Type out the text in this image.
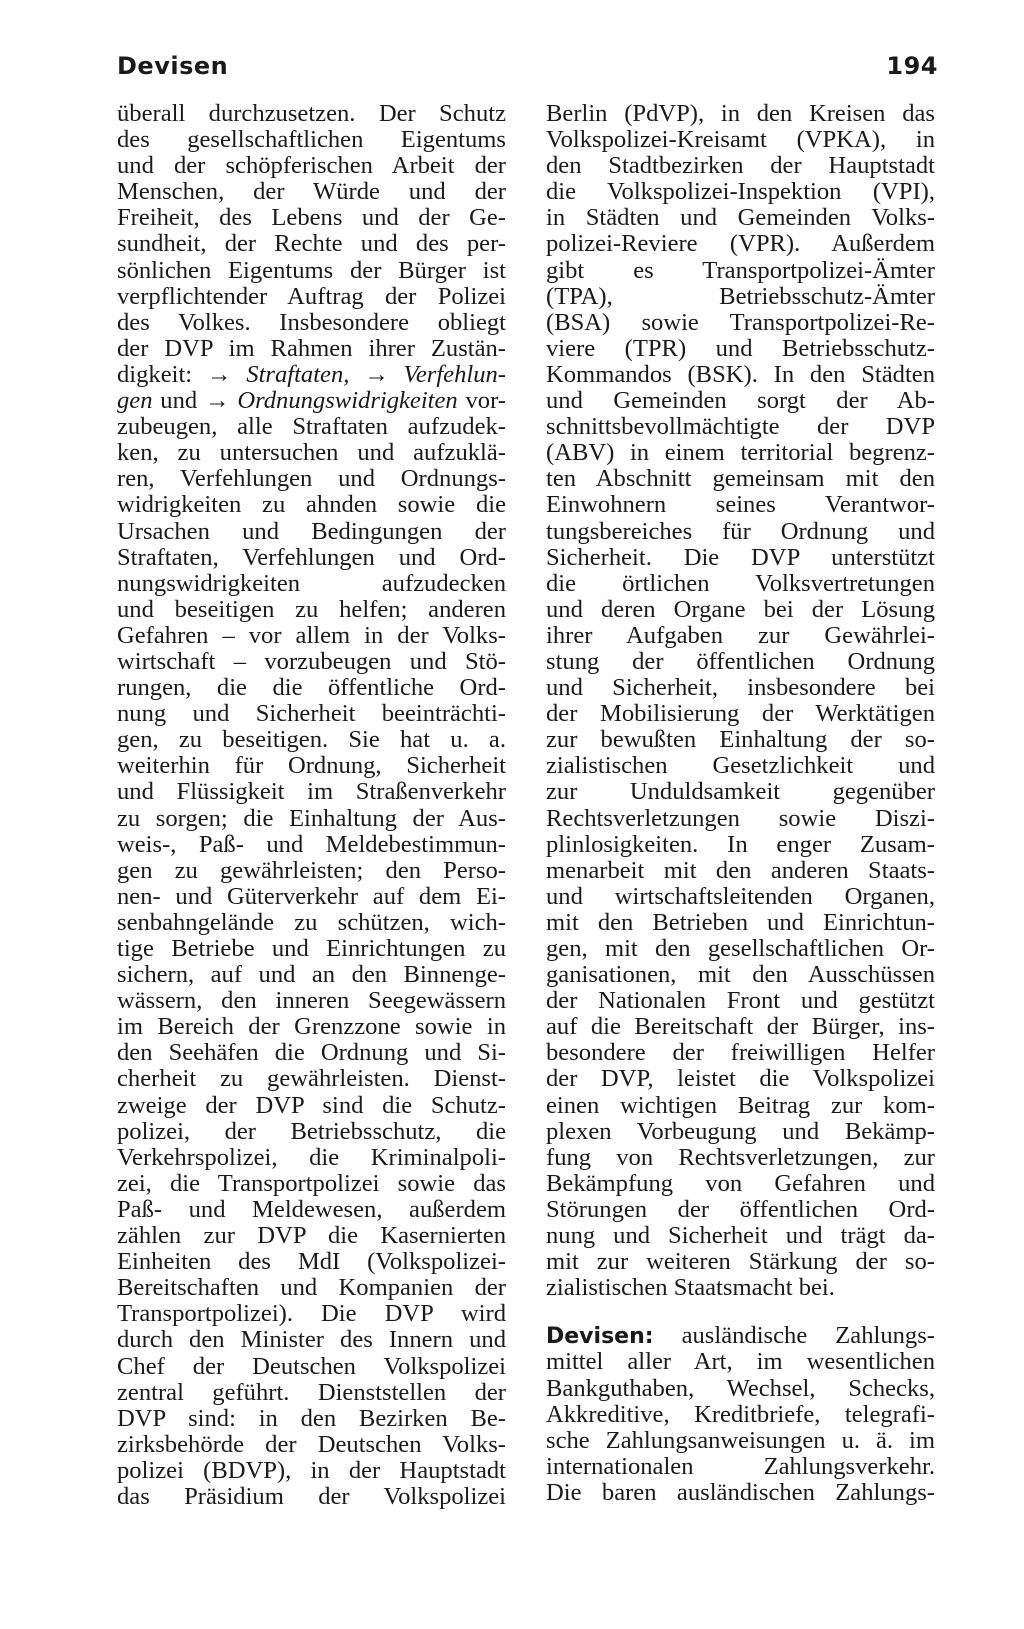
Devisen	194
überall durchzusetzen. Der Schutz
des gesellschaftlichen Eigentums
und der schöpferischen Arbeit der
Menschen, der Würde und der
Freiheit, des Lebens und der Ge-
sundheit, der Rechte und des per-
sönlichen Eigentums der Bürger ist
verpflichtender Auftrag der Polizei
des Volkes. Insbesondere obliegt
der DVP im Rahmen ihrer Zustän-
digkeit: → Straftaten, → Verfehlun-
gen und → Ordnungswidrigkeiten vor-
zubeugen, alle Straftaten aufzudek-
ken, zu untersuchen und aufzuklä-
ren, Verfehlungen und Ordnungs-
widrigkeiten zu ahnden sowie die
Ursachen und Bedingungen der
Straftaten, Verfehlungen und Ord-
nungswidrigkeiten aufzudecken
und beseitigen zu helfen; anderen
Gefahren – vor allem in der Volks-
wirtschaft – vorzubeugen und Stö-
rungen, die die öffentliche Ord-
nung und Sicherheit beeinträchti-
gen, zu beseitigen. Sie hat u. a.
weiterhin für Ordnung, Sicherheit
und Flüssigkeit im Straßenverkehr
zu sorgen; die Einhaltung der Aus-
weis-, Paß- und Meldebestimmun-
gen zu gewährleisten; den Perso-
nen- und Güterverkehr auf dem Ei-
senbahngelände zu schützen, wich-
tige Betriebe und Einrichtungen zu
sichern, auf und an den Binnenge-
wässern, den inneren Seegewässern
im Bereich der Grenzzone sowie in
den Seehäfen die Ordnung und Si-
cherheit zu gewährleisten. Dienst-
zweige der DVP sind die Schutz-
polizei, der Betriebsschutz, die
Verkehrspolizei, die Kriminalpoli-
zei, die Transportpolizei sowie das
Paß- und Meldewesen, außerdem
zählen zur DVP die Kasernierten
Einheiten des MdI (Volkspolizei-
Bereitschaften und Kompanien der
Transportpolizei). Die DVP wird
durch den Minister des Innern und
Chef der Deutschen Volkspolizei
zentral geführt. Dienststellen der
DVP sind: in den Bezirken Be-
zirksbehörde der Deutschen Volks-
polizei (BDVP), in der Hauptstadt
das Präsidium der Volkspolizei
Berlin (PdVP), in den Kreisen das
Volkspolizei-Kreisamt (VPKA), in
den Stadtbezirken der Hauptstadt
die Volkspolizei-Inspektion (VPI),
in Städten und Gemeinden Volks-
polizei-Reviere (VPR). Außerdem
gibt es Transportpolizei-Ämter
(TPA), Betriebsschutz-Ämter
(BSA) sowie Transportpolizei-Re-
viere (TPR) und Betriebsschutz-
Kommandos (BSK). In den Städten
und Gemeinden sorgt der Ab-
schnittsbevollmächtigte der DVP
(ABV) in einem territorial begrenz-
ten Abschnitt gemeinsam mit den
Einwohnern seines Verantwor-
tungsbereiches für Ordnung und
Sicherheit. Die DVP unterstützt
die örtlichen Volksvertretungen
und deren Organe bei der Lösung
ihrer Aufgaben zur Gewährlei-
stung der öffentlichen Ordnung
und Sicherheit, insbesondere bei
der Mobilisierung der Werktätigen
zur bewußten Einhaltung der so-
zialistischen Gesetzlichkeit und
zur Unduldsamkeit gegenüber
Rechtsverletzungen sowie Diszi-
plinlosigkeiten. In enger Zusam-
menarbeit mit den anderen Staats-
und wirtschaftsleitenden Organen,
mit den Betrieben und Einrichtun-
gen, mit den gesellschaftlichen Or-
ganisationen, mit den Ausschüssen
der Nationalen Front und gestützt
auf die Bereitschaft der Bürger, ins-
besondere der freiwilligen Helfer
der DVP, leistet die Volkspolizei
einen wichtigen Beitrag zur kom-
plexen Vorbeugung und Bekämp-
fung von Rechtsverletzungen, zur
Bekämpfung von Gefahren und
Störungen der öffentlichen Ord-
nung und Sicherheit und trägt da-
mit zur weiteren Stärkung der so-
zialistischen Staatsmacht bei.
Devisen: ausländische Zahlungs-
mittel aller Art, im wesentlichen
Bankguthaben, Wechsel, Schecks,
Akkreditive, Kreditbriefe, telegrafi-
sche Zahlungsanweisungen u. ä. im
internationalen Zahlungsverkehr.
Die baren ausländischen Zahlungs-
